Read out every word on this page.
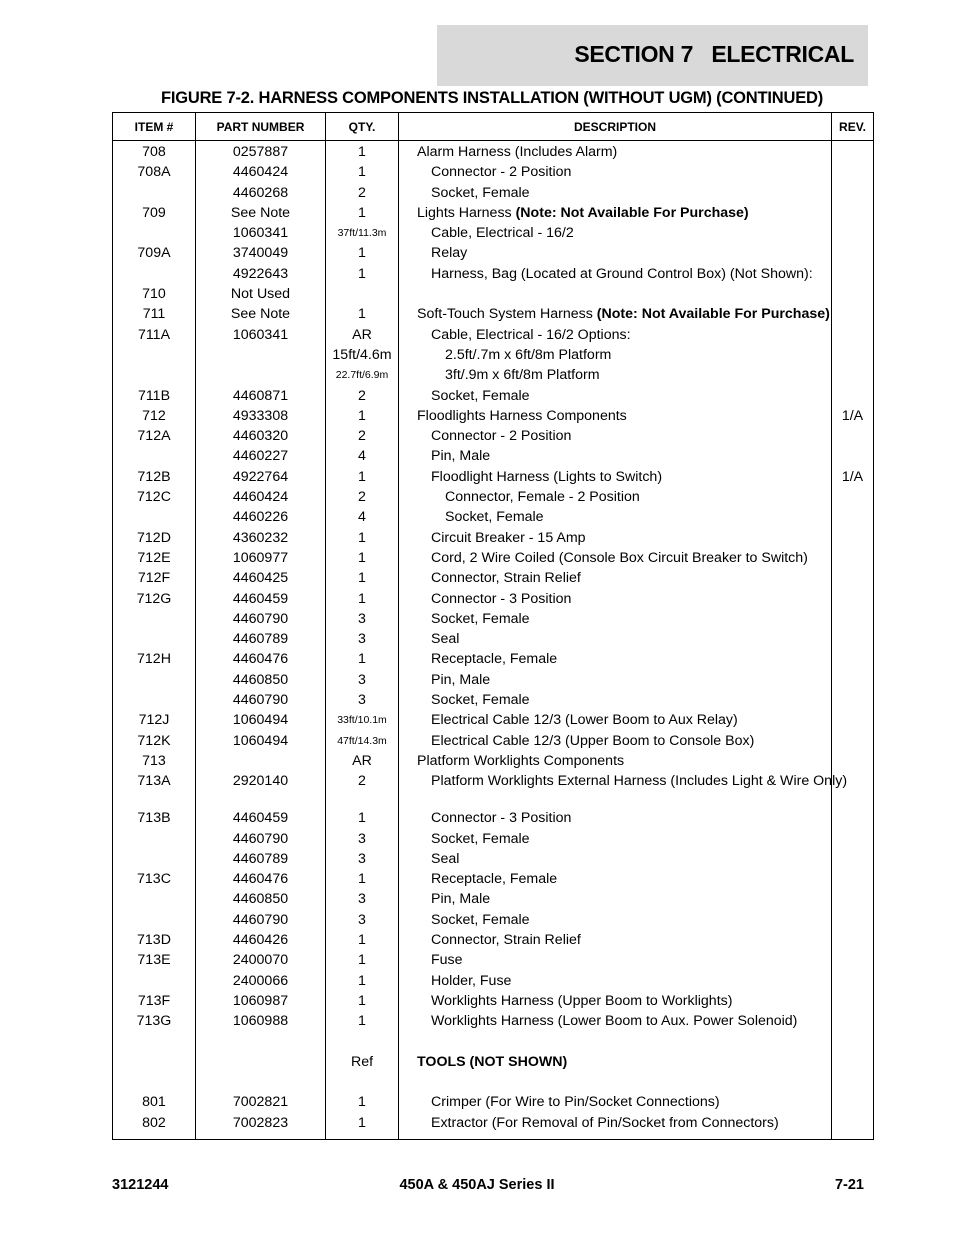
SECTION 7   ELECTRICAL
FIGURE 7-2. HARNESS COMPONENTS INSTALLATION (WITHOUT UGM) (CONTINUED)
ITEM #	PART NUMBER	QTY.	DESCRIPTION	REV.
708	0257887	1	Alarm Harness (Includes Alarm)	
708A	4460424	1	Connector - 2 Position	
	4460268	2	Socket, Female	
709	See Note	1	Lights Harness (Note: Not Available For Purchase)	
	1060341	37ft/11.3m	Cable, Electrical - 16/2	
709A	3740049	1	Relay	
	4922643	1	Harness, Bag (Located at Ground Control Box) (Not Shown):	
710	Not Used			
711	See Note	1	Soft-Touch System Harness (Note: Not Available For Purchase)	
711A	1060341	AR	Cable, Electrical - 16/2 Options:	
		15ft/4.6m	2.5ft/.7m x 6ft/8m Platform	
		22.7ft/6.9m	3ft/.9m x 6ft/8m Platform	
711B	4460871	2	Socket, Female	
712	4933308	1	Floodlights Harness Components	1/A
712A	4460320	2	Connector - 2 Position	
	4460227	4	Pin, Male	
712B	4922764	1	Floodlight Harness (Lights to Switch)	1/A
712C	4460424	2	Connector, Female - 2 Position	
	4460226	4	Socket, Female	
712D	4360232	1	Circuit Breaker - 15 Amp	
712E	1060977	1	Cord, 2 Wire Coiled (Console Box Circuit Breaker to Switch)	
712F	4460425	1	Connector, Strain Relief	
712G	4460459	1	Connector - 3 Position	
	4460790	3	Socket, Female	
	4460789	3	Seal	
712H	4460476	1	Receptacle, Female	
	4460850	3	Pin, Male	
	4460790	3	Socket, Female	
712J	1060494	33ft/10.1m	Electrical Cable 12/3 (Lower Boom to Aux Relay)	
712K	1060494	47ft/14.3m	Electrical Cable 12/3 (Upper Boom to Console Box)	
713		AR	Platform Worklights Components	
713A	2920140	2	Platform Worklights External Harness (Includes Light & Wire Only)	
713B	4460459	1	Connector - 3 Position	
	4460790	3	Socket, Female	
	4460789	3	Seal	
713C	4460476	1	Receptacle, Female	
	4460850	3	Pin, Male	
	4460790	3	Socket, Female	
713D	4460426	1	Connector, Strain Relief	
713E	2400070	1	Fuse	
	2400066	1	Holder, Fuse	
713F	1060987	1	Worklights Harness (Upper Boom to Worklights)	
713G	1060988	1	Worklights Harness (Lower Boom to Aux. Power Solenoid)	

		Ref	TOOLS (NOT SHOWN)	

801	7002821	1	Crimper (For Wire to Pin/Socket Connections)	
802	7002823	1	Extractor (For Removal of Pin/Socket from Connectors)	
3121244	450A & 450AJ Series II	7-21
